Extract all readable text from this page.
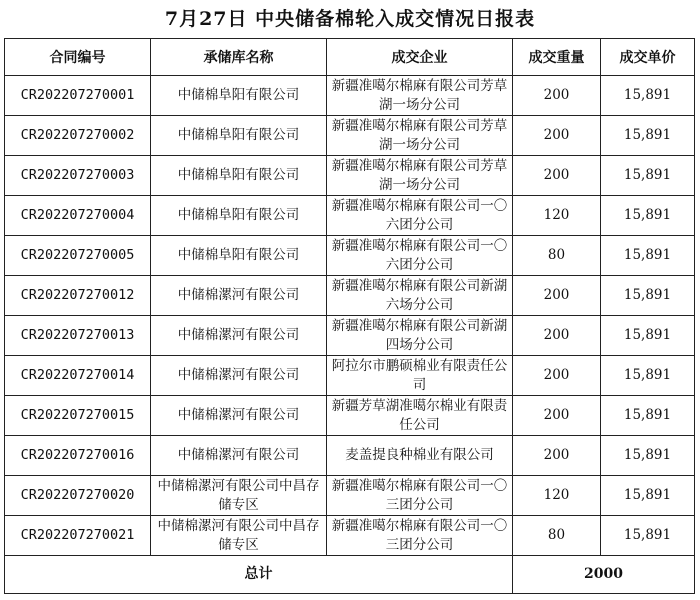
7月27日 中央储备棉轮入成交情况日报表
合同编号	承储库名称	成交企业	成交重量	成交单价
CR202207270001	中储棉阜阳有限公司	新疆准噶尔棉麻有限公司芳草湖一场分公司	200	15,891
CR202207270002	中储棉阜阳有限公司	新疆准噶尔棉麻有限公司芳草湖一场分公司	200	15,891
CR202207270003	中储棉阜阳有限公司	新疆准噶尔棉麻有限公司芳草湖一场分公司	200	15,891
CR202207270004	中储棉阜阳有限公司	新疆准噶尔棉麻有限公司一〇六团分公司	120	15,891
CR202207270005	中储棉阜阳有限公司	新疆准噶尔棉麻有限公司一〇六团分公司	80	15,891
CR202207270012	中储棉漯河有限公司	新疆准噶尔棉麻有限公司新湖六场分公司	200	15,891
CR202207270013	中储棉漯河有限公司	新疆准噶尔棉麻有限公司新湖四场分公司	200	15,891
CR202207270014	中储棉漯河有限公司	阿拉尔市鹏硕棉业有限责任公司	200	15,891
CR202207270015	中储棉漯河有限公司	新疆芳草湖准噶尔棉业有限责任公司	200	15,891
CR202207270016	中储棉漯河有限公司	麦盖提良种棉业有限公司	200	15,891
CR202207270020	中储棉漯河有限公司中昌存储专区	新疆准噶尔棉麻有限公司一〇三团分公司	120	15,891
CR202207270021	中储棉漯河有限公司中昌存储专区	新疆准噶尔棉麻有限公司一〇三团分公司	80	15,891
总计			2000	
